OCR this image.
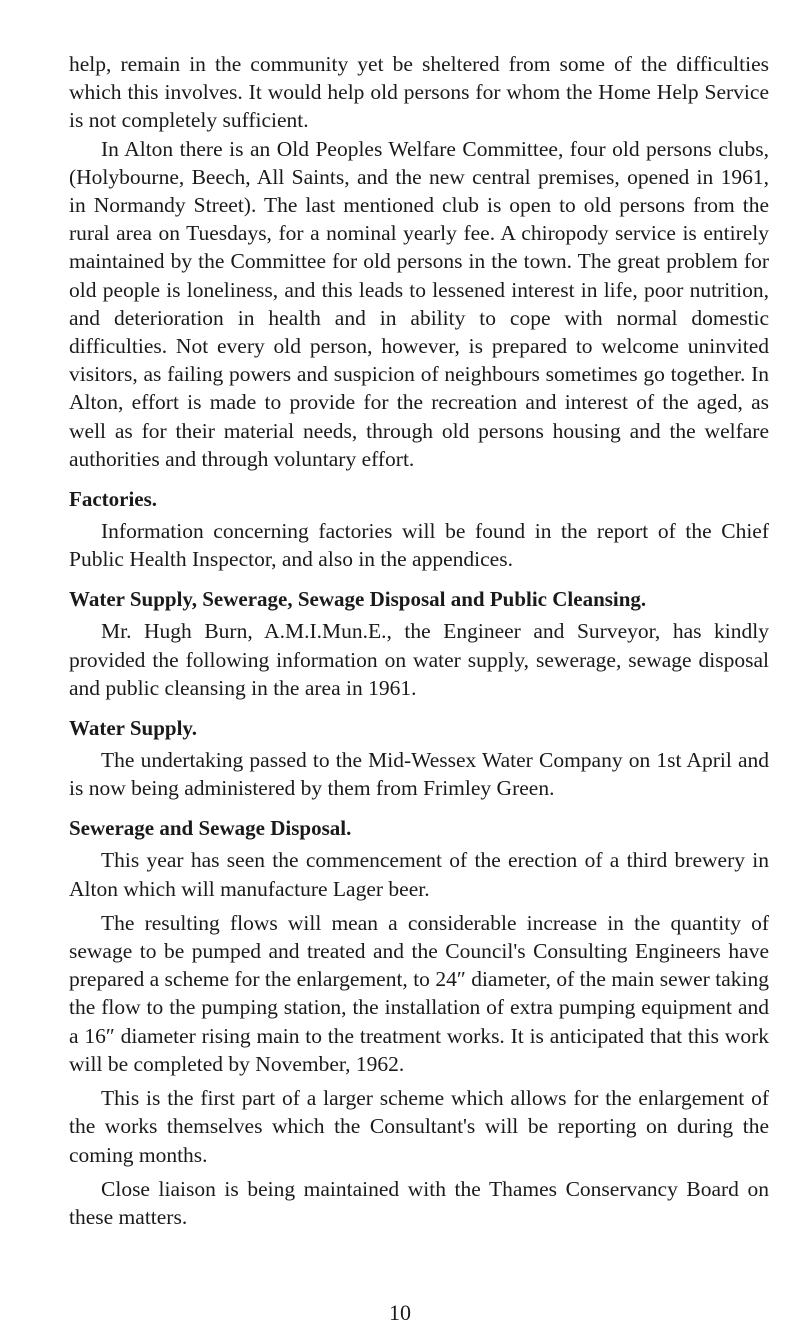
help, remain in the community yet be sheltered from some of the difficulties which this involves. It would help old persons for whom the Home Help Service is not completely sufficient.

In Alton there is an Old Peoples Welfare Committee, four old persons clubs,(Holybourne, Beech, All Saints, and the new central premises, opened in 1961, in Normandy Street). The last mentioned club is open to old persons from the rural area on Tuesdays, for a nominal yearly fee. A chiropody service is entirely maintained by the Committee for old persons in the town. The great problem for old people is loneliness, and this leads to lessened interest in life, poor nutrition, and deterioration in health and in ability to cope with normal domestic difficulties. Not every old person, however, is prepared to welcome uninvited visitors, as failing powers and suspicion of neighbours sometimes go together. In Alton, effort is made to provide for the recreation and interest of the aged, as well as for their material needs, through old persons housing and the welfare authorities and through voluntary effort.

Factories.

Information concerning factories will be found in the report of the Chief Public Health Inspector, and also in the appendices.

Water Supply, Sewerage, Sewage Disposal and Public Cleansing.

Mr. Hugh Burn, A.M.I.Mun.E., the Engineer and Surveyor, has kindly provided the following information on water supply, sewerage, sewage disposal and public cleansing in the area in 1961.

Water Supply.

The undertaking passed to the Mid-Wessex Water Company on 1st April and is now being administered by them from Frimley Green.

Sewerage and Sewage Disposal.

This year has seen the commencement of the erection of a third brewery in Alton which will manufacture Lager beer.

The resulting flows will mean a considerable increase in the quantity of sewage to be pumped and treated and the Council's Consulting Engineers have prepared a scheme for the enlargement, to 24″ diameter, of the main sewer taking the flow to the pumping station, the installation of extra pumping equipment and a 16″ diameter rising main to the treatment works. It is anticipated that this work will be completed by November, 1962.

This is the first part of a larger scheme which allows for the enlargement of the works themselves which the Consultant's will be reporting on during the coming months.

Close liaison is being maintained with the Thames Conservancy Board on these matters.

10
